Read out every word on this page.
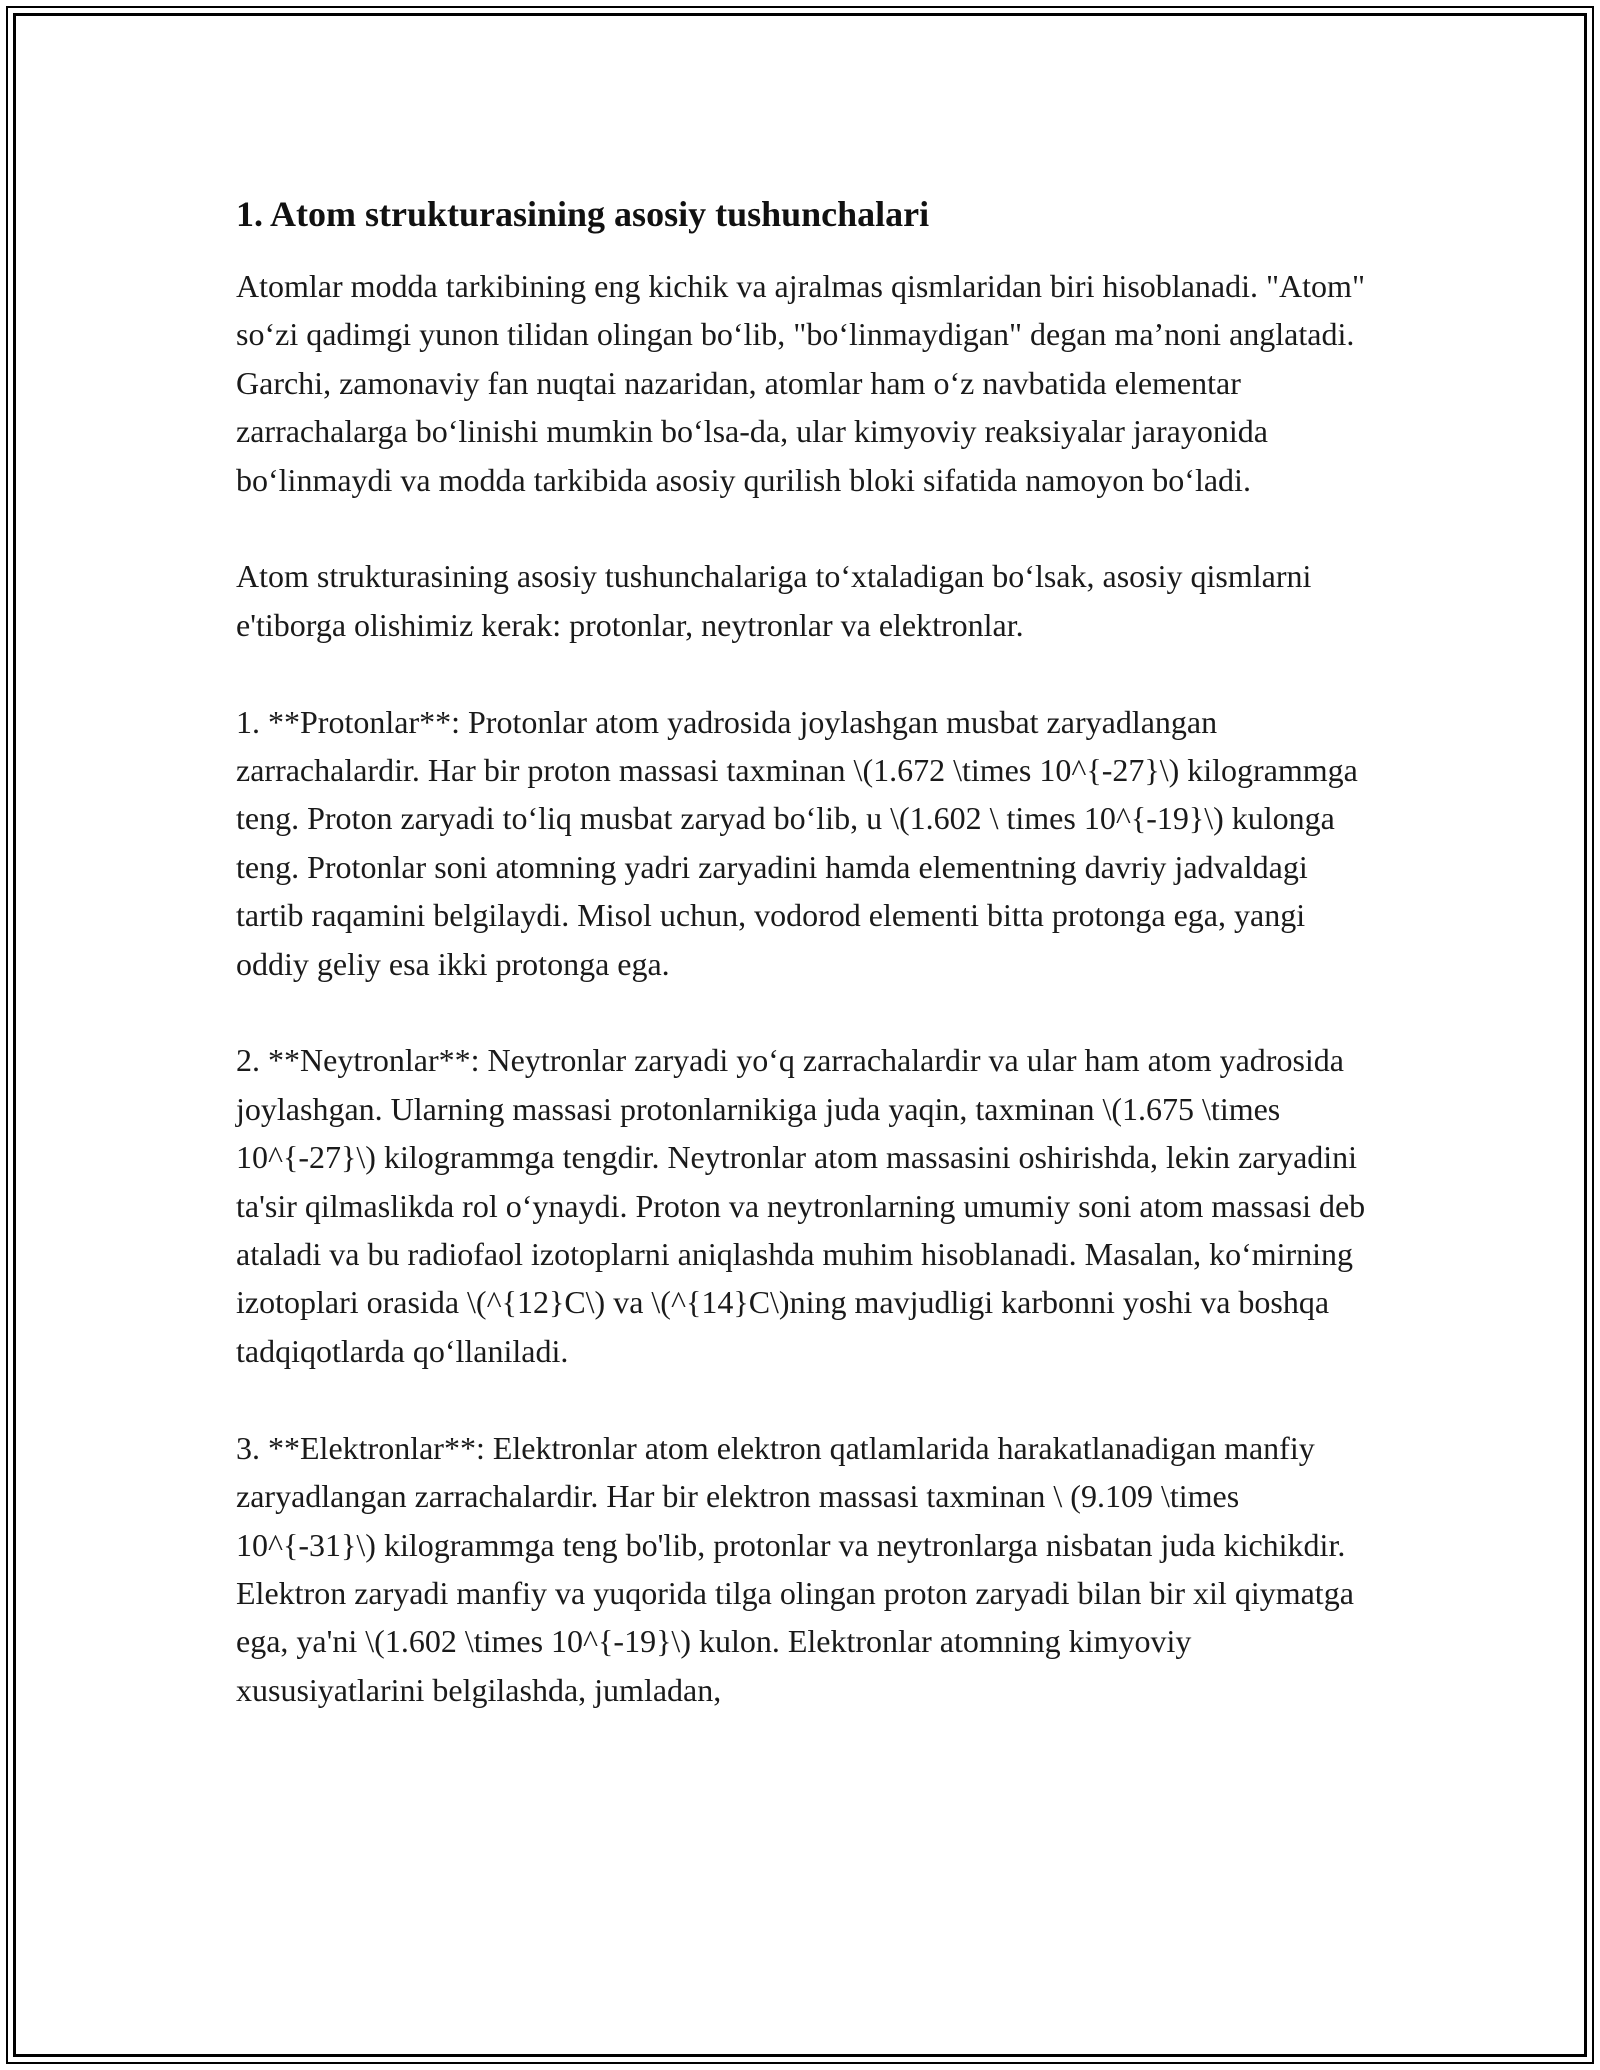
1. Atom strukturasining asosiy tushunchalari

Atomlar modda tarkibining eng kichik va ajralmas qismlaridan biri hisoblanadi. "Atom" so‘zi qadimgi yunon tilidan olingan bo‘lib, "bo‘linmaydigan" degan ma’noni anglatadi. Garchi, zamonaviy fan nuqtai nazaridan, atomlar ham o‘z navbatida elementar zarrachalarga bo‘linishi mumkin bo‘lsa-da, ular kimyoviy reaksiyalar jarayonida bo‘linmaydi va modda tarkibida asosiy qurilish bloki sifatida namoyon bo‘ladi.

Atom strukturasining asosiy tushunchalariga to‘xtaladigan bo‘lsak, asosiy qismlarni e'tiborga olishimiz kerak: protonlar, neytronlar va elektronlar.

1. **Protonlar**: Protonlar atom yadrosida joylashgan musbat zaryadlangan zarrachalardir. Har bir proton massasi taxminan \(1.672 \times 10^{-27}\) kilogrammga teng. Proton zaryadi to‘liq musbat zaryad bo‘lib, u \(1.602 \ times 10^{-19}\) kulonga teng. Protonlar soni atomning yadri zaryadini hamda elementning davriy jadvaldagi tartib raqamini belgilaydi. Misol uchun, vodorod elementi bitta protonga ega, yangi oddiy geliy esa ikki protonga ega.

2. **Neytronlar**: Neytronlar zaryadi yo‘q zarrachalardir va ular ham atom yadrosida joylashgan. Ularning massasi protonlarnikiga juda yaqin, taxminan \(1.675 \times 10^{-27}\) kilogrammga tengdir. Neytronlar atom massasini oshirishda, lekin zaryadini ta'sir qilmaslikda rol o‘ynaydi. Proton va neytronlarning umumiy soni atom massasi deb ataladi va bu radiofaol izotoplarni aniqlashda muhim hisoblanadi. Masalan, ko‘mirning izotoplari orasida \(^{12}C\) va \(^{14}C\)ning mavjudligi karbonni yoshi va boshqa tadqiqotlarda qo‘llaniladi.

3. **Elektronlar**: Elektronlar atom elektron qatlamlarida harakatlanadigan manfiy zaryadlangan zarrachalardir. Har bir elektron massasi taxminan \ (9.109 \times 10^{-31}\) kilogrammga teng bo'lib, protonlar va neytronlarga nisbatan juda kichikdir. Elektron zaryadi manfiy va yuqorida tilga olingan proton zaryadi bilan bir xil qiymatga ega, ya'ni \(1.602 \times 10^{-19}\) kulon. Elektronlar atomning kimyoviy xususiyatlarini belgilashda, jumladan,
